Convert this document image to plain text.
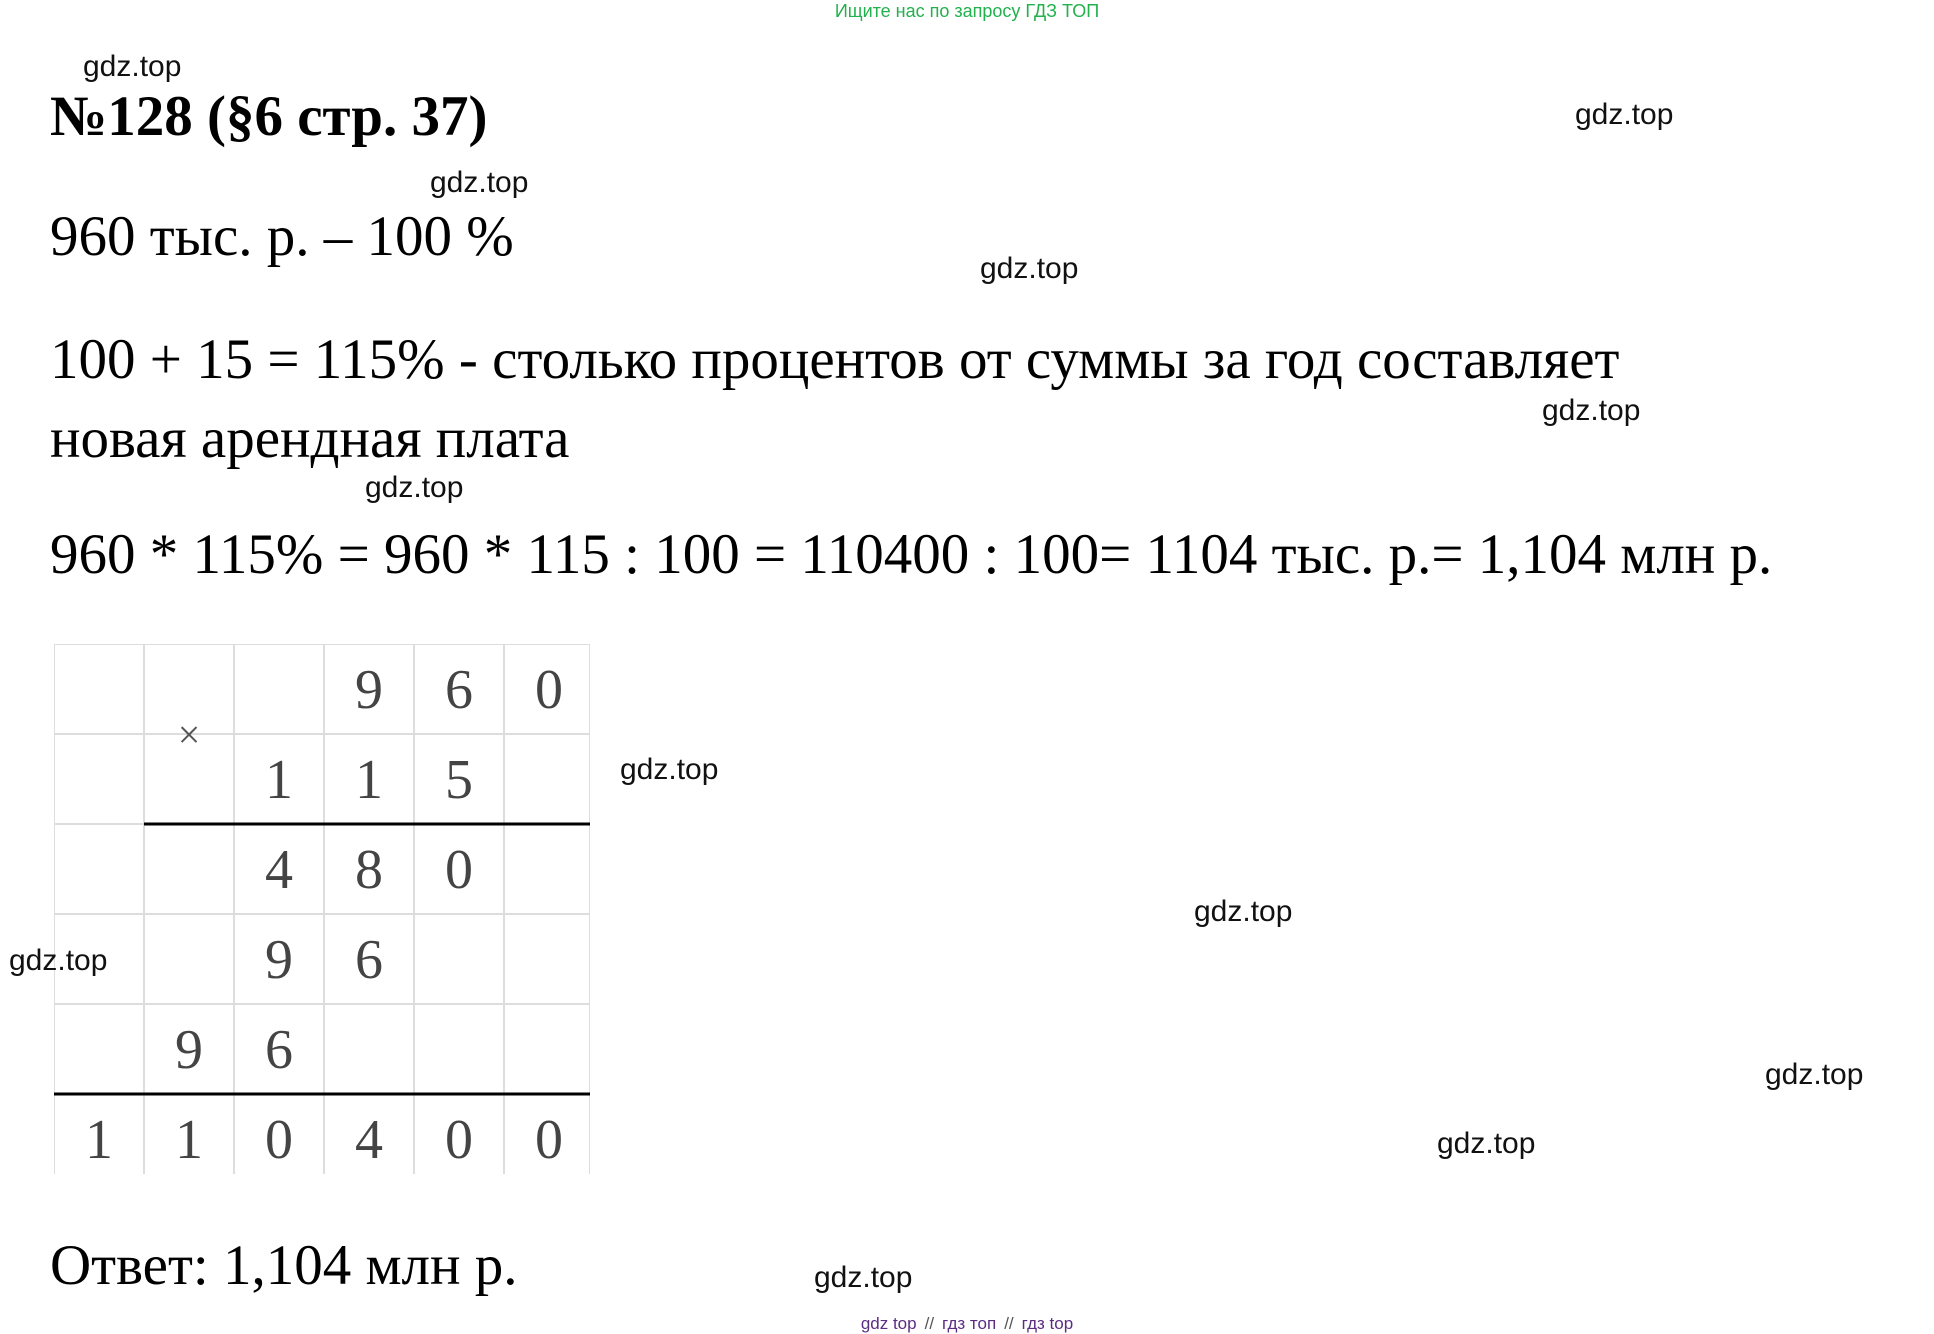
Ищите нас по запросу ГДЗ ТОП
gdz.top
№128 (§6 стр. 37)	gdz.top
gdz.top
960 тыс. р. – 100 %
gdz.top
100 + 15 = 115% - столько процентов от суммы за год составляет
gdz.top
новая арендная плата
gdz.top
960 * 115% = 960 * 115 : 100 = 110400 : 100= 1104 тыс. р.= 1,104 млн р.
×
9 6 0
1 1 5
4 8 0
9 6
9 6
1 1 0 4 0 0
gdz.top
gdz.top
gdz.top
gdz.top
gdz.top
Ответ: 1,104 млн р.	gdz.top
gdz top // гдз топ // гдз top
